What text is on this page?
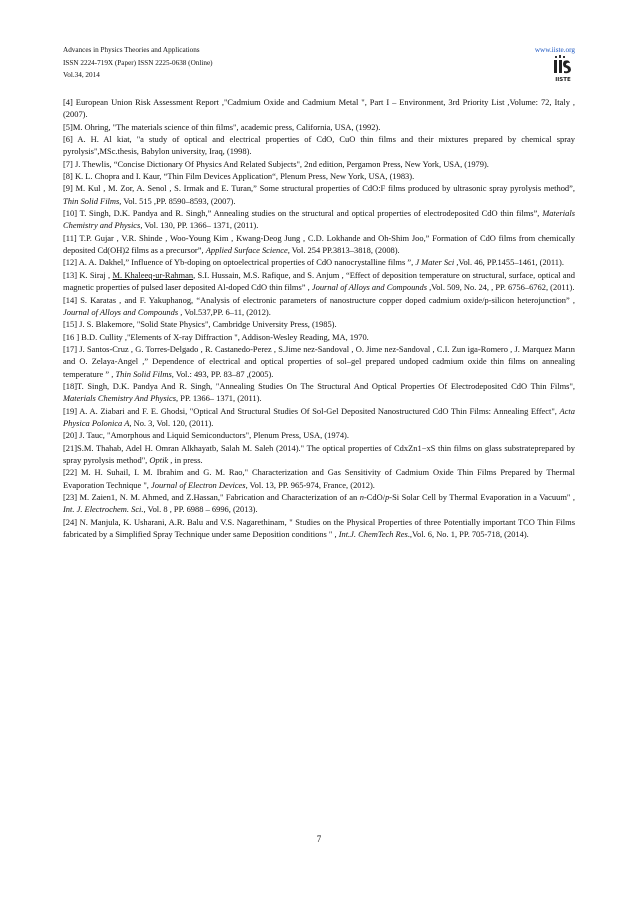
Advances in Physics Theories and Applications
ISSN 2224-719X (Paper) ISSN 2225-0638 (Online)
Vol.34, 2014
www.iiste.org
IISTE

[4] European Union Risk Assessment Report ,"Cadmium Oxide and Cadmium Metal ", Part I – Environment, 3rd Priority List ,Volume: 72, Italy ,(2007).

[5]M. Ohring, "The materials science of thin films", academic press, California, USA, (1992).

[6] A. H. Al kiat, "a study of optical and electrical properties of CdO, CuO thin films and their mixtures prepared by chemical spray pyrolysis",MSc.thesis, Babylon university, Iraq, (1998).

[7] J. Thewlis, “Concise Dictionary Of Physics And Related Subjects", 2nd edition, Pergamon Press, New York, USA, (1979).

[8] K. L. Chopra and I. Kaur, “Thin Film Devices Application“, Plenum Press, New York, USA, (1983).

[9] M. Kul , M. Zor, A. Senol , S. Irmak and E. Turan,” Some structural properties of CdO:F films produced by ultrasonic spray pyrolysis method”, Thin Solid Films, Vol. 515 ,PP. 8590–8593, (2007).

[10] T. Singh, D.K. Pandya and R. Singh,” Annealing studies on the structural and optical properties of electrodeposited CdO thin films”, Materials Chemistry and Physics, Vol. 130, PP. 1366– 1371, (2011).

[11] T.P. Gujar , V.R. Shinde , Woo-Young Kim , Kwang-Deog Jung , C.D. Lokhande and Oh-Shim Joo,” Formation of CdO films from chemically deposited Cd(OH)2 films as a precursor”, Applied Surface Science, Vol. 254 PP.3813–3818, (2008).

[12] A. A. Dakhel,” Influence of Yb-doping on optoelectrical properties of CdO nanocrystalline films ”, J Mater Sci ,Vol. 46, PP.1455–1461, (2011).

[13] K. Siraj , M. Khaleeq-ur-Rahman, S.I. Hussain, M.S. Rafique, and S. Anjum , “Effect of deposition temperature on structural, surface, optical and magnetic properties of pulsed laser deposited Al-doped CdO thin films” , Journal of Alloys and Compounds ,Vol. 509, No. 24, , PP. 6756–6762, (2011).

[14] S. Karatas , and F. Yakuphanog, “Analysis of electronic parameters of nanostructure copper doped cadmium oxide/p-silicon heterojunction” , Journal of Alloys and Compounds , Vol.537,PP. 6–11, (2012).

[15] J. S. Blakemore, "Solid State Physics", Cambridge University Press, (1985).

[16 ] B.D. Cullity ,"Elements of X-ray Diffraction ", Addison-Wesley Reading, MA, 1970.

[17] J. Santos-Cruz , G. Torres-Delgado , R. Castanedo-Perez , S.Jime nez-Sandoval , O. Jime nez-Sandoval , C.I. Zun iga-Romero , J. Marquez Marın and O. Zelaya-Angel ,” Dependence of electrical and optical properties of sol–gel prepared undoped cadmium oxide thin films on annealing temperature ” , Thin Solid Films, Vol.: 493, PP. 83–87 ,(2005).

[18]T. Singh, D.K. Pandya And R. Singh, "Annealing Studies On The Structural And Optical Properties Of Electrodeposited CdO Thin Films", Materials Chemistry And Physics, PP. 1366– 1371, (2011).

[19] A. A. Ziabari and F. E. Ghodsi, "Optical And Structural Studies Of Sol-Gel Deposited Nanostructured CdO Thin Films: Annealing Effect", Acta Physica Polonica A, No. 3, Vol. 120, (2011).

[20] J. Tauc, "Amorphous and Liquid Semiconductors", Plenum Press, USA, (1974).

[21]S.M. Thahab, Adel H. Omran Alkhayatb, Salah M. Saleh (2014)." The optical properties of CdxZn1−xS thin films on glass substrateprepared by spray pyrolysis method", Optik , in press.

[22] M. H. Suhail, I. M. Ibrahim and G. M. Rao," Characterization and Gas Sensitivity of Cadmium Oxide Thin Films Prepared by Thermal Evaporation Technique ", Journal of Electron Devices, Vol. 13, PP. 965-974, France, (2012).

[23] M. Zaien1, N. M. Ahmed, and Z.Hassan," Fabrication and Characterization of an n-CdO/p-Si Solar Cell by Thermal Evaporation in a Vacuum" , Int. J. Electrochem. Sci., Vol. 8 , PP. 6988 – 6996, (2013).

[24] N. Manjula, K. Usharani, A.R. Balu and V.S. Nagarethinam, " Studies on the Physical Properties of three Potentially important TCO Thin Films fabricated by a Simplified Spray Technique under same Deposition conditions " , Int.J. ChemTech Res.,Vol. 6, No. 1, PP. 705-718, (2014).

7
